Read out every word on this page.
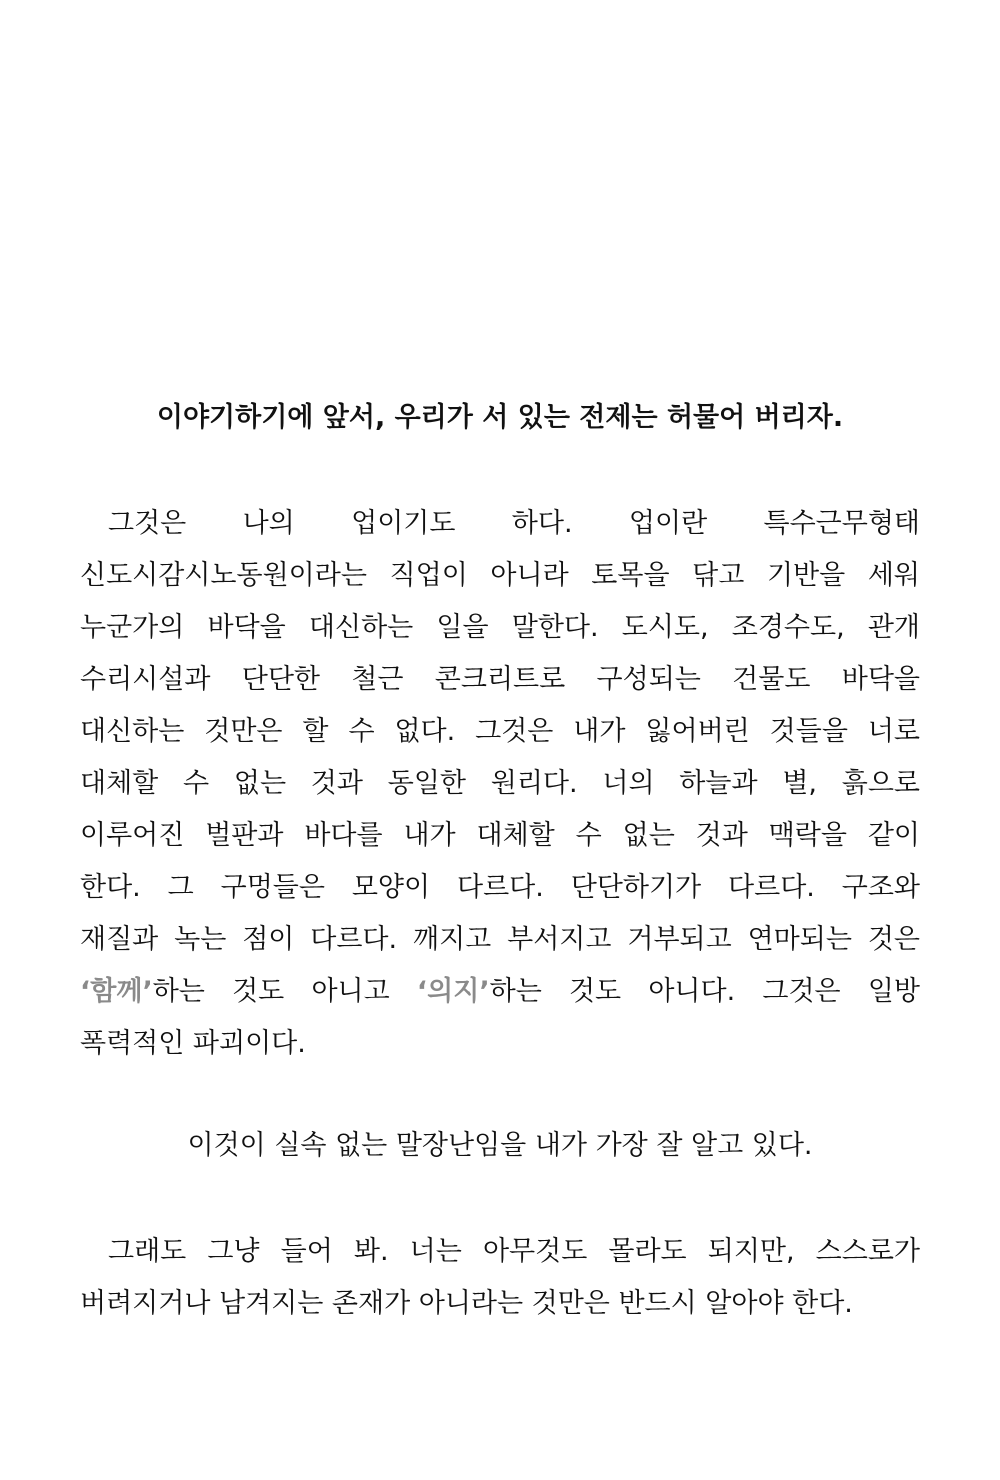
이야기하기에 앞서, 우리가 서 있는 전제는 허물어 버리자.
그것은 나의 업이기도 하다. 업이란 특수근무형태
신도시감시노동원이라는 직업이 아니라 토목을 닦고 기반을 세워
누군가의 바닥을 대신하는 일을 말한다. 도시도, 조경수도, 관개
수리시설과 단단한 철근 콘크리트로 구성되는 건물도 바닥을
대신하는 것만은 할 수 없다. 그것은 내가 잃어버린 것들을 너로
대체할 수 없는 것과 동일한 원리다. 너의 하늘과 별, 흙으로
이루어진 벌판과 바다를 내가 대체할 수 없는 것과 맥락을 같이
한다. 그 구멍들은 모양이 다르다. 단단하기가 다르다. 구조와
재질과 녹는 점이 다르다. 깨지고 부서지고 거부되고 연마되는 것은
‘함께’하는 것도 아니고 ‘의지’하는 것도 아니다. 그것은 일방
폭력적인 파괴이다.
이것이 실속 없는 말장난임을 내가 가장 잘 알고 있다.
그래도 그냥 들어 봐. 너는 아무것도 몰라도 되지만, 스스로가
버려지거나 남겨지는 존재가 아니라는 것만은 반드시 알아야 한다.
